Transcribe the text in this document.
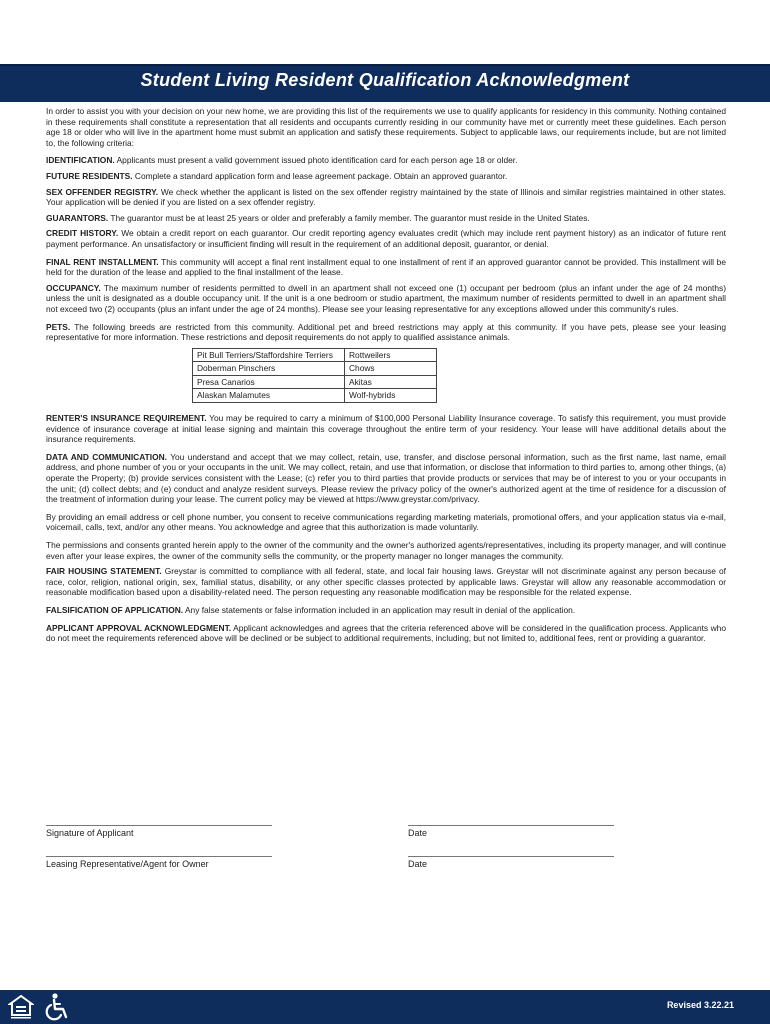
Student Living Resident Qualification Acknowledgment

In order to assist you with your decision on your new home, we are providing this list of the requirements we use to qualify applicants for residency in this community. Nothing contained in these requirements shall constitute a representation that all residents and occupants currently residing in our community have met or currently meet these guidelines. Each person age 18 or older who will live in the apartment home must submit an application and satisfy these requirements. Subject to applicable laws, our requirements include, but are not limited to, the following criteria:

IDENTIFICATION. Applicants must present a valid government issued photo identification card for each person age 18 or older.

FUTURE RESIDENTS. Complete a standard application form and lease agreement package. Obtain an approved guarantor.

SEX OFFENDER REGISTRY. We check whether the applicant is listed on the sex offender registry maintained by the state of Illinois and similar registries maintained in other states. Your application will be denied if you are listed on a sex offender registry.

GUARANTORS. The guarantor must be at least 25 years or older and preferably a family member. The guarantor must reside in the United States.

CREDIT HISTORY. We obtain a credit report on each guarantor. Our credit reporting agency evaluates credit (which may include rent payment history) as an indicator of future rent payment performance. An unsatisfactory or insufficient finding will result in the requirement of an additional deposit, guarantor, or denial.

FINAL RENT INSTALLMENT. This community will accept a final rent installment equal to one installment of rent if an approved guarantor cannot be provided. This installment will be held for the duration of the lease and applied to the final installment of the lease.

OCCUPANCY. The maximum number of residents permitted to dwell in an apartment shall not exceed one (1) occupant per bedroom (plus an infant under the age of 24 months) unless the unit is designated as a double occupancy unit. If the unit is a one bedroom or studio apartment, the maximum number of residents permitted to dwell in an apartment shall not exceed two (2) occupants (plus an infant under the age of 24 months). Please see your leasing representative for any exceptions allowed under this community's rules.

PETS. The following breeds are restricted from this community. Additional pet and breed restrictions may apply at this community. If you have pets, please see your leasing representative for more information. These restrictions and deposit requirements do not apply to qualified assistance animals.

Pit Bull Terriers/Staffordshire Terriers	Rottweilers
Doberman Pinschers	Chows
Presa Canarios	Akitas
Alaskan Malamutes	Wolf-hybrids

RENTER'S INSURANCE REQUIREMENT. You may be required to carry a minimum of $100,000 Personal Liability Insurance coverage. To satisfy this requirement, you must provide evidence of insurance coverage at initial lease signing and maintain this coverage throughout the entire term of your residency. Your lease will have additional details about the insurance requirements.

DATA AND COMMUNICATION. You understand and accept that we may collect, retain, use, transfer, and disclose personal information, such as the first name, last name, email address, and phone number of you or your occupants in the unit. We may collect, retain, and use that information, or disclose that information to third parties to, among other things, (a) operate the Property; (b) provide services consistent with the Lease; (c) refer you to third parties that provide products or services that may be of interest to you or your occupants in the unit; (d) collect debts; and (e) conduct and analyze resident surveys. Please review the privacy policy of the owner's authorized agent at the time of residence for a discussion of the treatment of information during your lease. The current policy may be viewed at https://www.greystar.com/privacy.

By providing an email address or cell phone number, you consent to receive communications regarding marketing materials, promotional offers, and your application status via e-mail, voicemail, calls, text, and/or any other means. You acknowledge and agree that this authorization is made voluntarily.

The permissions and consents granted herein apply to the owner of the community and the owner's authorized agents/representatives, including its property manager, and will continue even after your lease expires, the owner of the community sells the community, or the property manager no longer manages the community.

FAIR HOUSING STATEMENT. Greystar is committed to compliance with all federal, state, and local fair housing laws. Greystar will not discriminate against any person because of race, color, religion, national origin, sex, familial status, disability, or any other specific classes protected by applicable laws. Greystar will allow any reasonable accommodation or reasonable modification based upon a disability-related need. The person requesting any reasonable modification may be responsible for the related expense.

FALSIFICATION OF APPLICATION. Any false statements or false information included in an application may result in denial of the application.

APPLICANT APPROVAL ACKNOWLEDGMENT. Applicant acknowledges and agrees that the criteria referenced above will be considered in the qualification process. Applicants who do not meet the requirements referenced above will be declined or be subject to additional requirements, including, but not limited to, additional fees, rent or providing a guarantor.

Signature of Applicant	Date
Leasing Representative/Agent for Owner	Date
Revised 3.22.21
